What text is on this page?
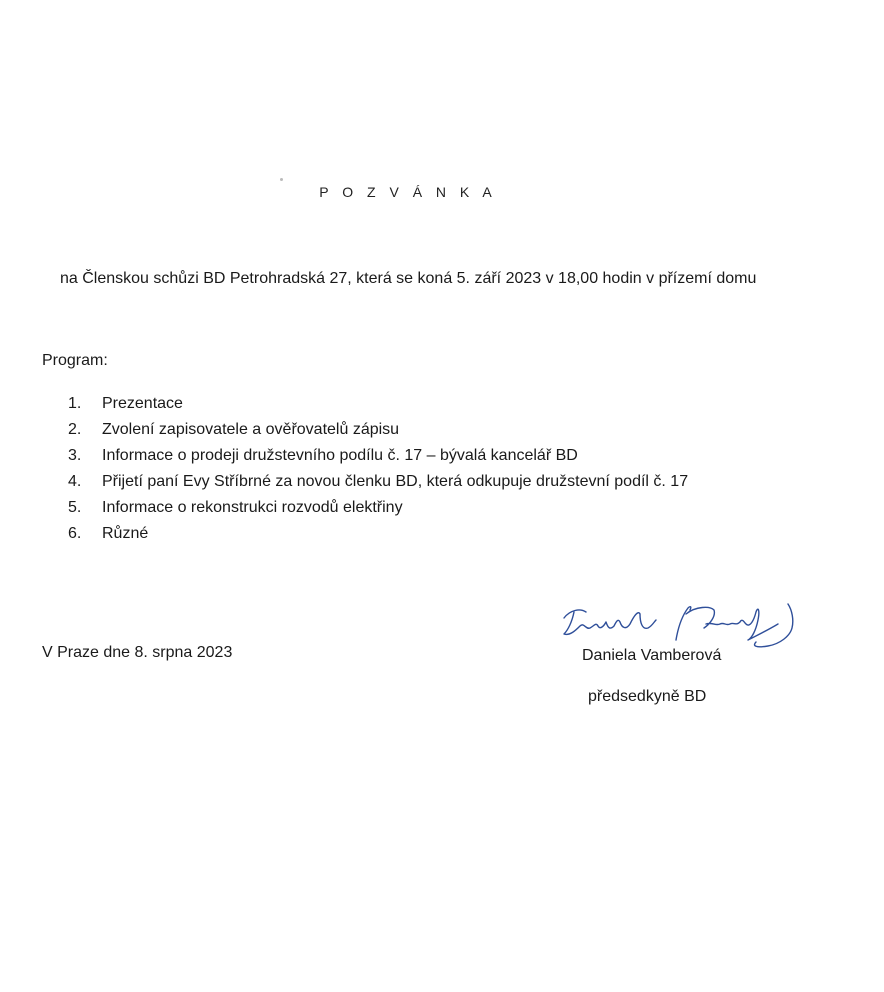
P O Z V Á N K A
na Členskou schůzi BD Petrohradská 27, která se koná 5. září 2023 v 18,00 hodin v přízemí domu
Program:
1.	Prezentace
2.	Zvolení zapisovatele a ověřovatelů zápisu
3.	Informace o prodeji družstevního podílu č. 17 – bývalá kancelář BD
4.	Přijetí paní Evy Stříbrné za novou členku BD, která odkupuje družstevní podíl č. 17
5.	Informace o rekonstrukci rozvodů elektřiny
6.	Různé
V Praze dne 8. srpna 2023	Daniela Vamberová
předsedkyně BD
